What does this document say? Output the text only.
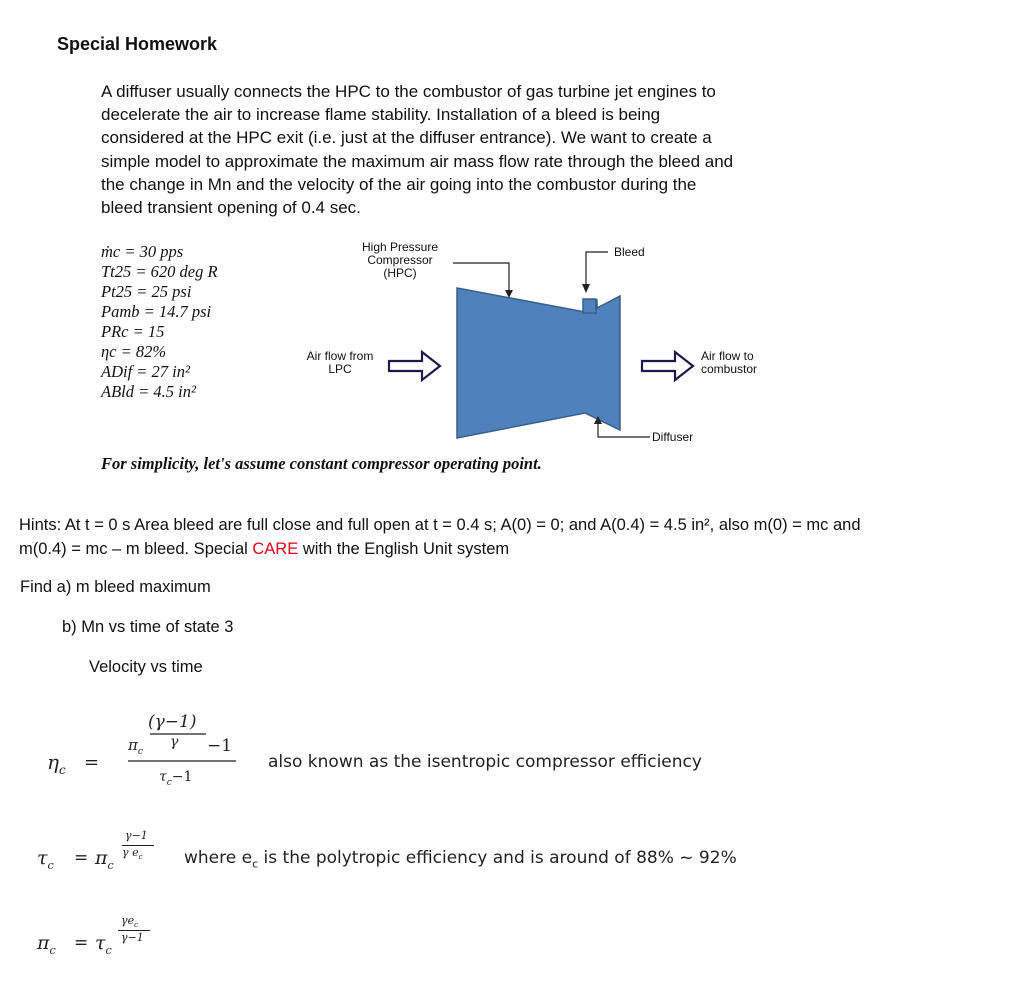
Special Homework
A diffuser usually connects the HPC to the combustor of gas turbine jet engines to
decelerate the air to increase flame stability. Installation of a bleed is being
considered at the HPC exit (i.e. just at the diffuser entrance). We want to create a
simple model to approximate the maximum air mass flow rate through the bleed and
the change in Mn and the velocity of the air going into the combustor during the
bleed transient opening of 0.4 sec.
ṁc = 30 pps
Tt25 = 620 deg R
Pt25 = 25 psi
Pamb = 14.7 psi
PRc = 15
ηc = 82%
ADif = 27 in²
ABld = 4.5 in²
High Pressure
Compressor
(HPC)
Bleed
Air flow from
LPC
Air flow to
combustor
Diffuser
For simplicity, let's assume constant compressor operating point.
Hints: At t = 0 s Area bleed are full close and full open at t = 0.4 s; A(0) = 0; and A(0.4) = 4.5 in², also m(0) = mc and
m(0.4) = mc – m bleed. Special CARE with the English Unit system
Find a) m bleed maximum
b) Mn vs time of state 3
Velocity vs time
$\eta_c$ =
(γ−1)
$\pi_c$
γ −1
$\tau_c-1$
also known as the isentropic compressor efficiency
$\tau_c = \pi_c$
γ−1
γ $e_c$ where $e_c$ is the polytropic efficiency and is around of 88% ~ 92%
$\pi_c = \tau_c$
$\gamma e_c$
γ−1
